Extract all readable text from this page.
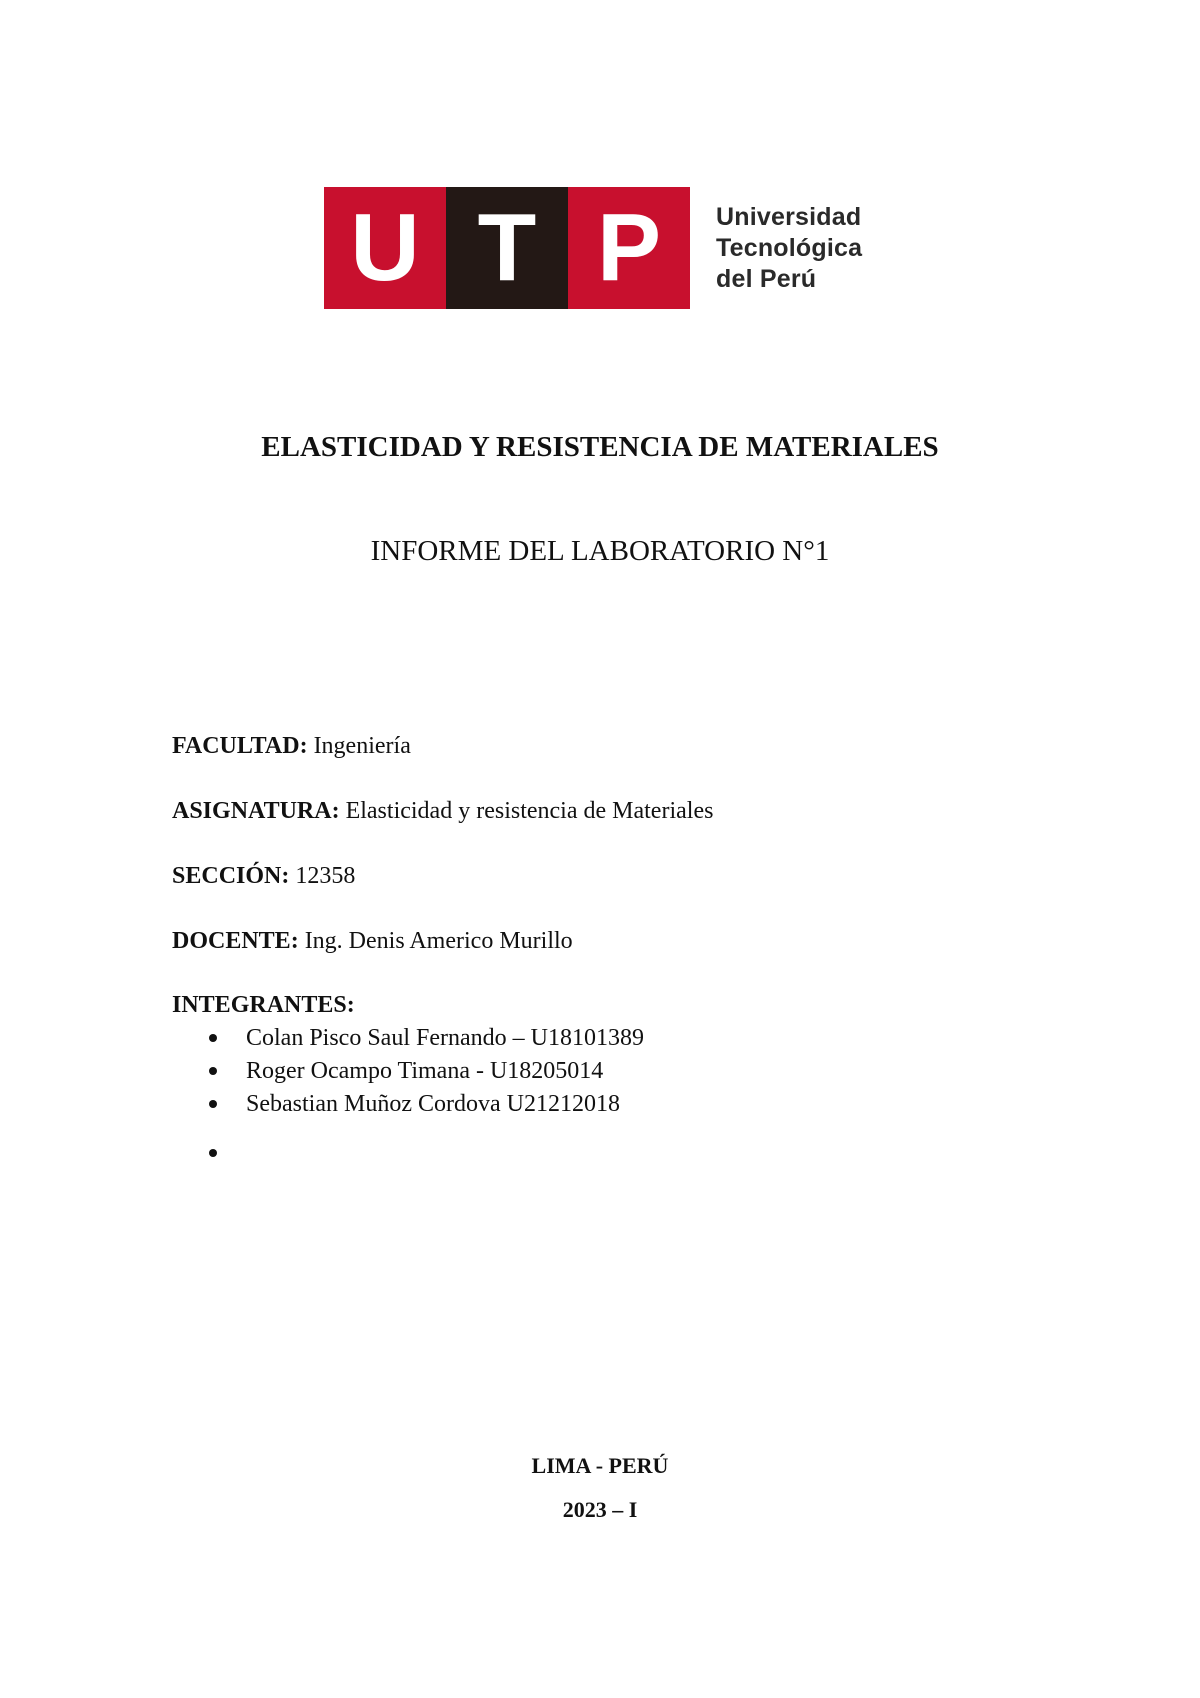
U T P	Universidad
Tecnológica
del Perú
ELASTICIDAD Y RESISTENCIA DE MATERIALES
INFORME DEL LABORATORIO N°1
FACULTAD: Ingeniería
ASIGNATURA: Elasticidad y resistencia de Materiales
SECCIÓN: 12358
DOCENTE: Ing. Denis Americo Murillo
INTEGRANTES:
Colan Pisco Saul Fernando – U18101389
Roger Ocampo Timana - U18205014
Sebastian Muñoz Cordova U21212018
LIMA - PERÚ
2023 – I
